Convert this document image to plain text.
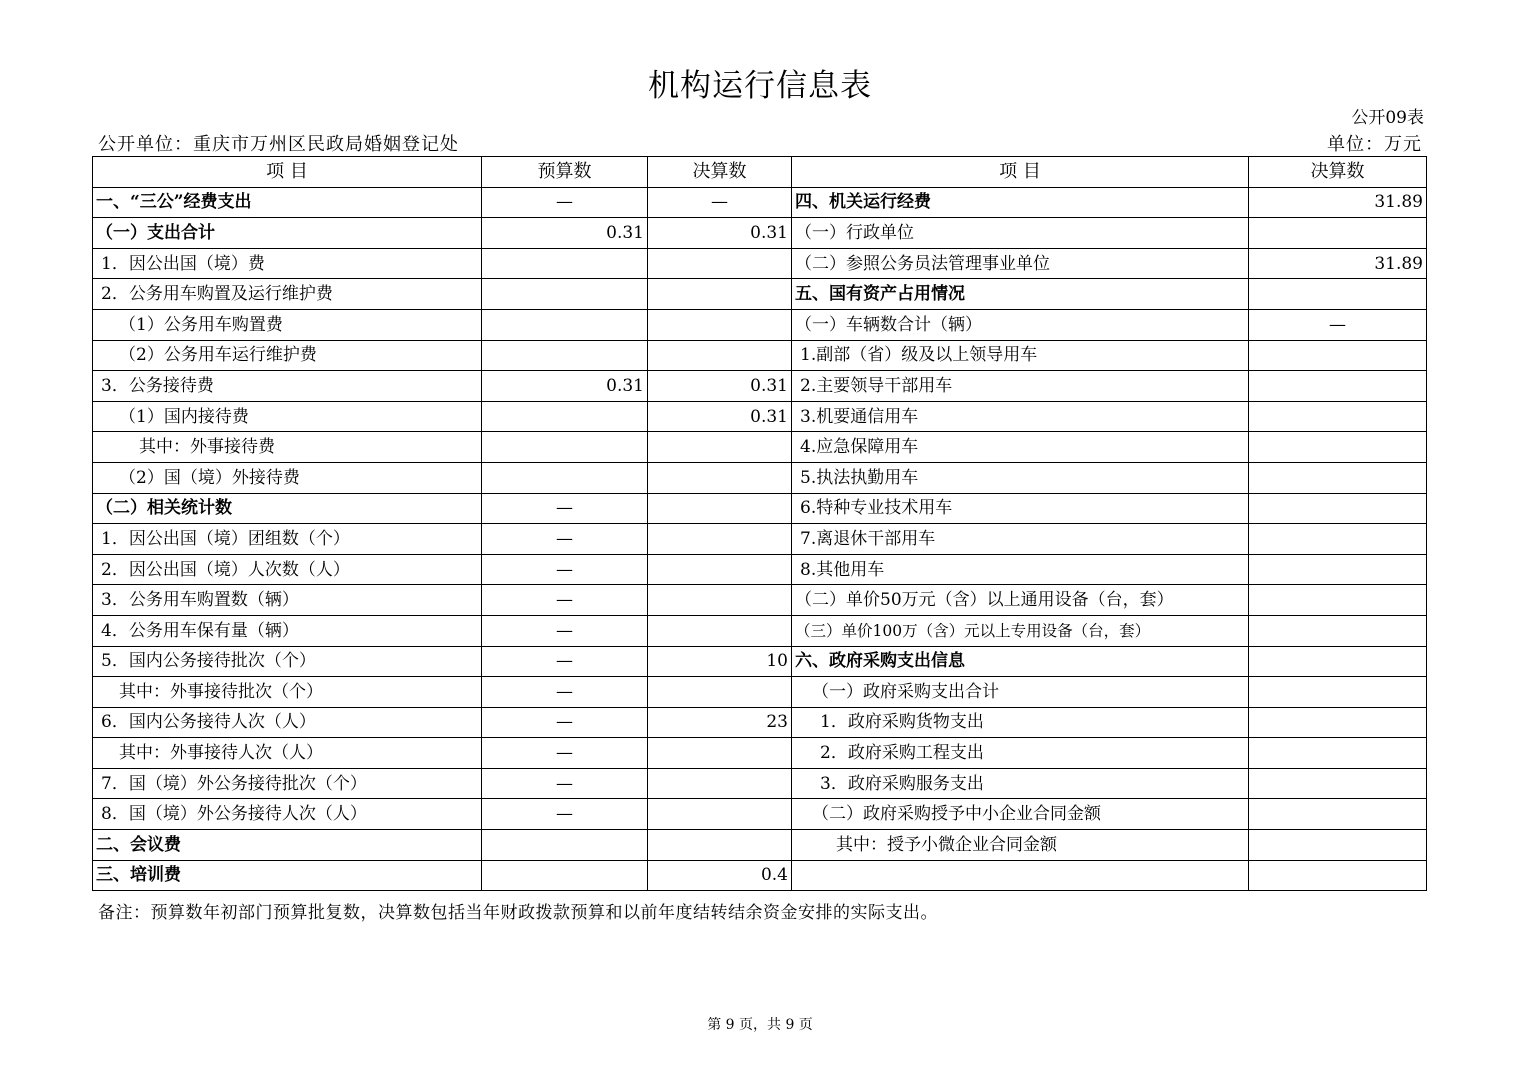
机构运行信息表
公开09表
公开单位：重庆市万州区民政局婚姻登记处	单位：万元
项 目	预算数	决算数	项 目	决算数
一、“三公”经费支出	—	—	四、机关运行经费	31.89
（一）支出合计	0.31	0.31	（一）行政单位	
1．因公出国（境）费			（二）参照公务员法管理事业单位	31.89
2．公务用车购置及运行维护费			五、国有资产占用情况	
（1）公务用车购置费			（一）车辆数合计（辆）	—
（2）公务用车运行维护费			1.副部（省）级及以上领导用车	
3．公务接待费	0.31	0.31	2.主要领导干部用车	
（1）国内接待费		0.31	3.机要通信用车	
其中：外事接待费			4.应急保障用车	
（2）国（境）外接待费			5.执法执勤用车	
（二）相关统计数	—		6.特种专业技术用车	
1．因公出国（境）团组数（个）	—		7.离退休干部用车	
2．因公出国（境）人次数（人）	—		8.其他用车	
3．公务用车购置数（辆）	—		（二）单价50万元（含）以上通用设备（台，套）	
4．公务用车保有量（辆）	—		（三）单价100万（含）元以上专用设备（台，套）	
5．国内公务接待批次（个）	—	10	六、政府采购支出信息	
其中：外事接待批次（个）	—		（一）政府采购支出合计	
6．国内公务接待人次（人）	—	23	1．政府采购货物支出	
其中：外事接待人次（人）	—		2．政府采购工程支出	
7．国（境）外公务接待批次（个）	—		3．政府采购服务支出	
8．国（境）外公务接待人次（人）	—		（二）政府采购授予中小企业合同金额	
二、会议费			其中：授予小微企业合同金额	
三、培训费		0.4		
备注：预算数年初部门预算批复数，决算数包括当年财政拨款预算和以前年度结转结余资金安排的实际支出。
第 9 页，共 9 页
